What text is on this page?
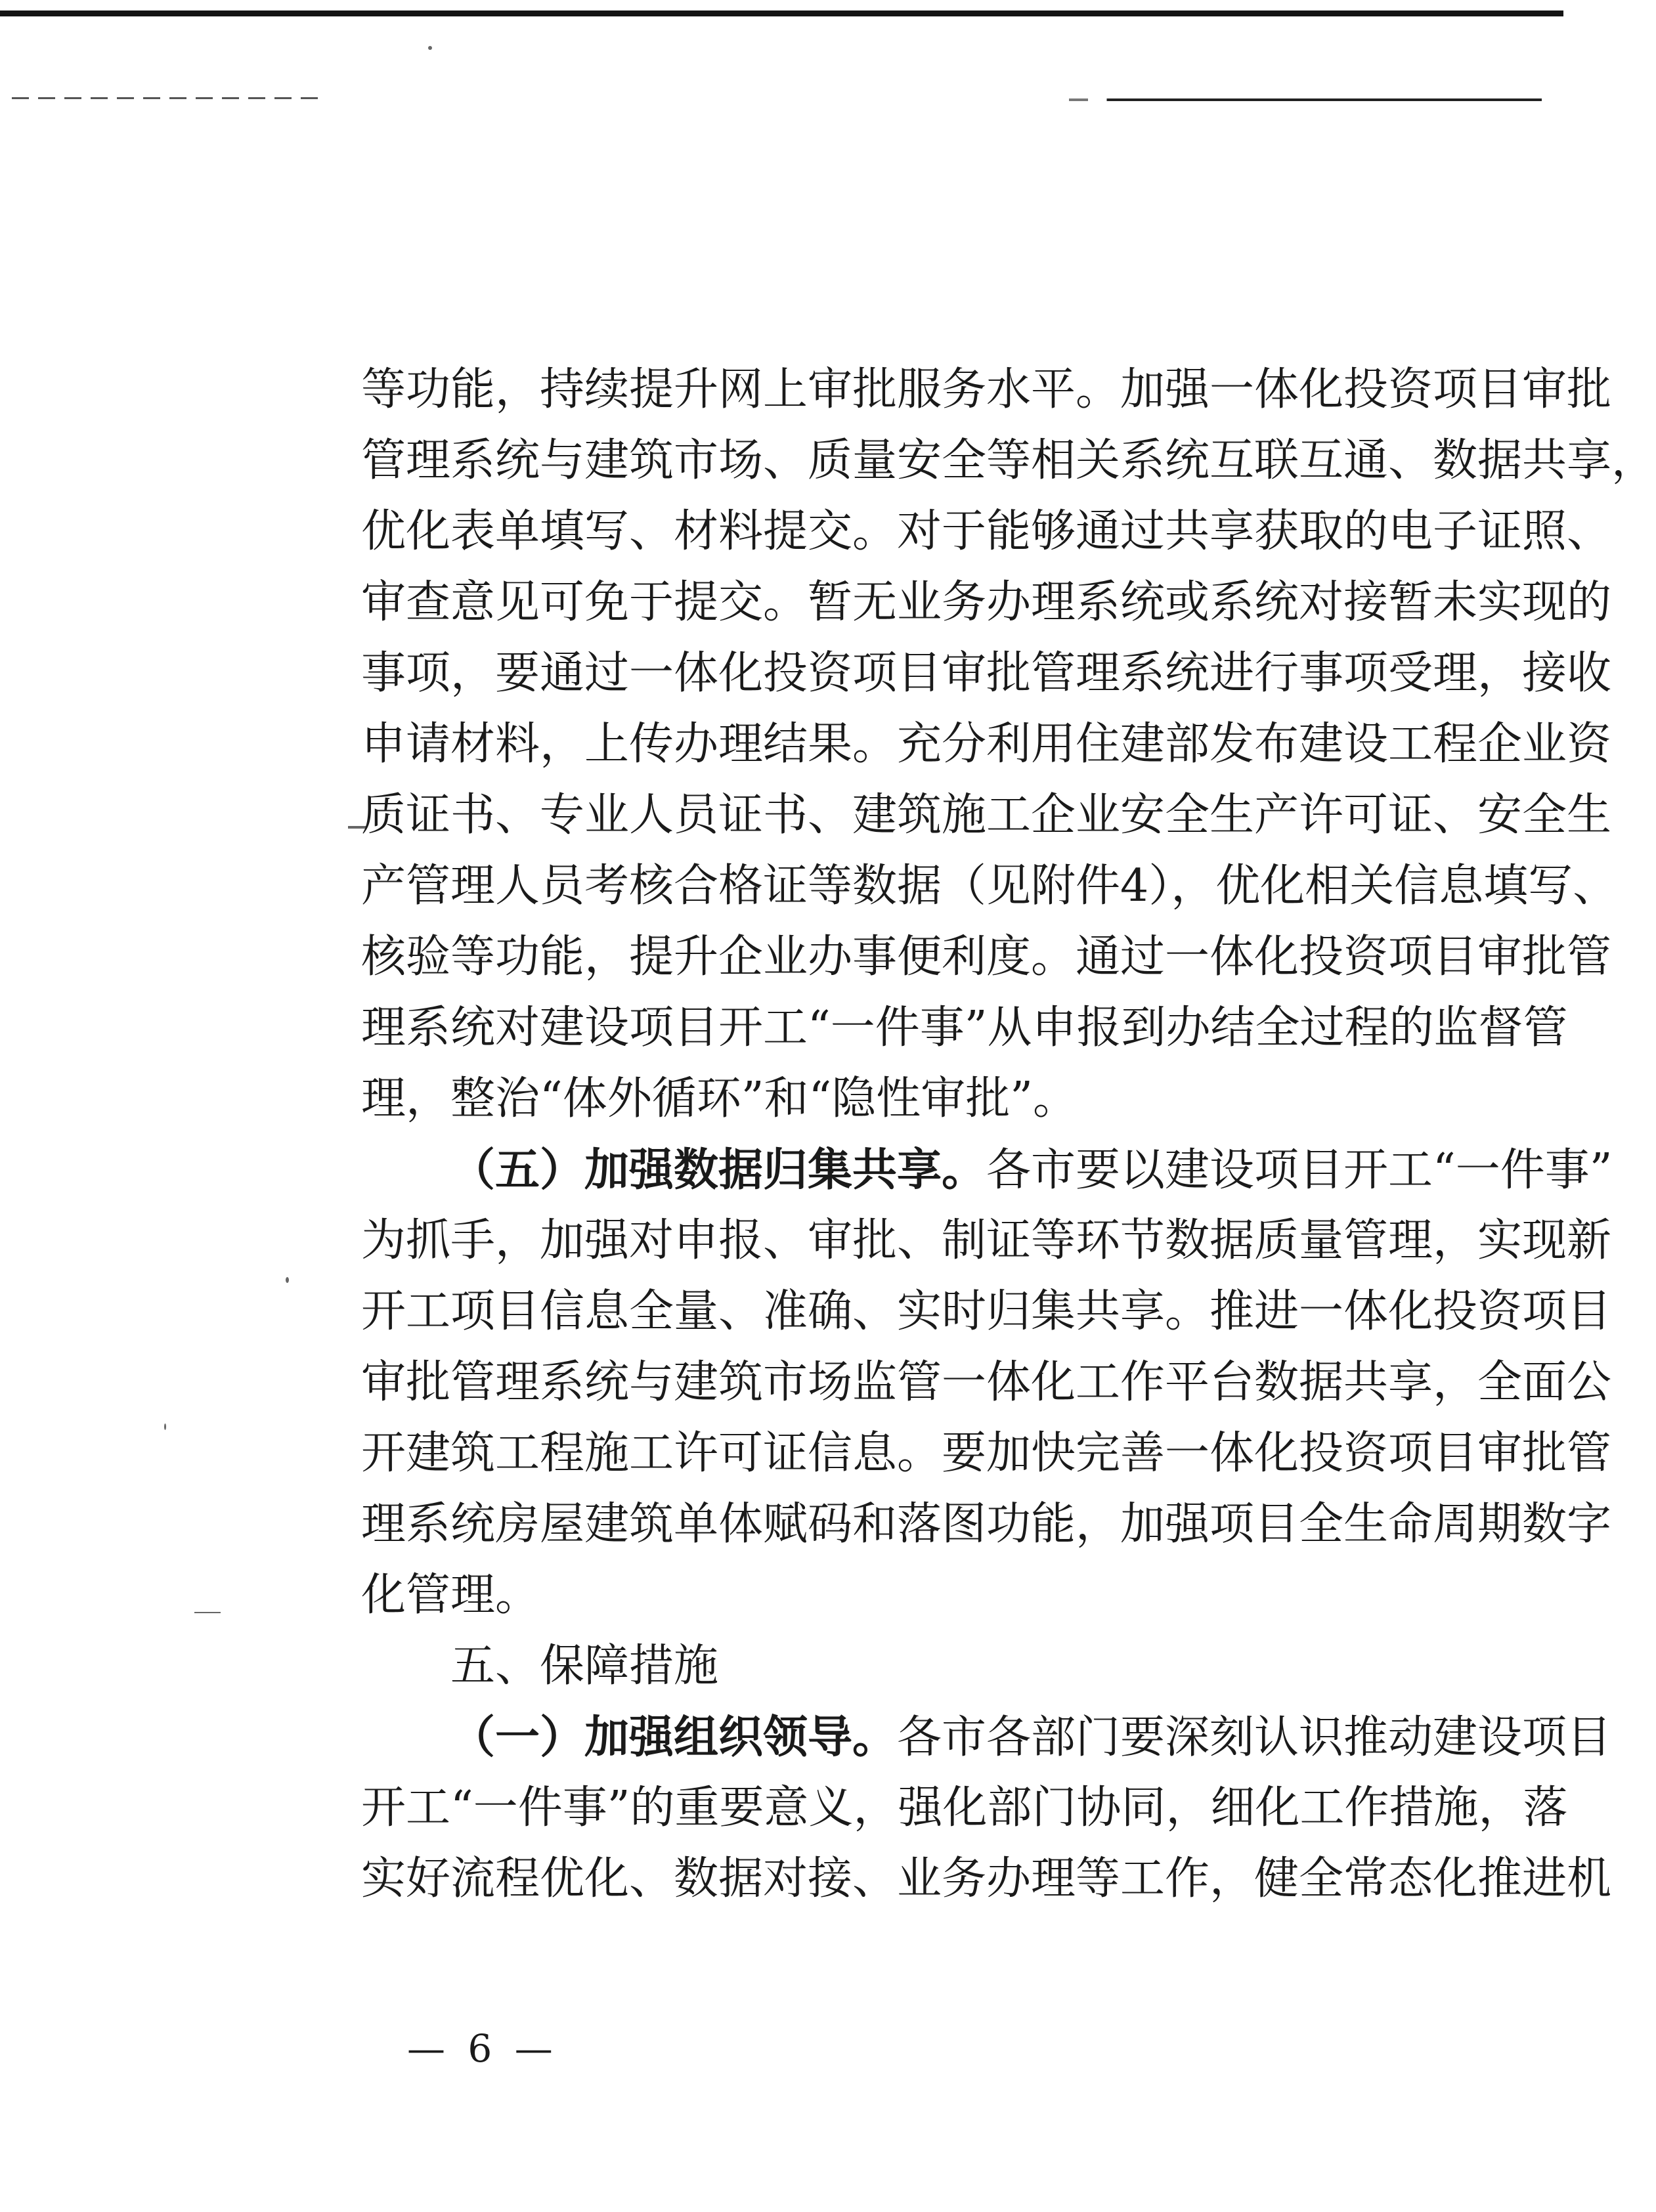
等功能，持续提升网上审批服务水平。加强一体化投资项目审批
管理系统与建筑市场、质量安全等相关系统互联互通、数据共享，
优化表单填写、材料提交。对于能够通过共享获取的电子证照、
审查意见可免于提交。暂无业务办理系统或系统对接暂未实现的
事项，要通过一体化投资项目审批管理系统进行事项受理，接收
申请材料，上传办理结果。充分利用住建部发布建设工程企业资
质证书、专业人员证书、建筑施工企业安全生产许可证、安全生
产管理人员考核合格证等数据（见附件4），优化相关信息填写、
核验等功能，提升企业办事便利度。通过一体化投资项目审批管
理系统对建设项目开工“一件事”从申报到办结全过程的监督管
理，整治“体外循环”和“隐性审批”。
（五）加强数据归集共享。各市要以建设项目开工“一件事”
为抓手，加强对申报、审批、制证等环节数据质量管理，实现新
开工项目信息全量、准确、实时归集共享。推进一体化投资项目
审批管理系统与建筑市场监管一体化工作平台数据共享，全面公
开建筑工程施工许可证信息。要加快完善一体化投资项目审批管
理系统房屋建筑单体赋码和落图功能，加强项目全生命周期数字
化管理。
五、保障措施
（一）加强组织领导。各市各部门要深刻认识推动建设项目
开工“一件事”的重要意义，强化部门协同，细化工作措施，落
实好流程优化、数据对接、业务办理等工作，健全常态化推进机
— 6 —
